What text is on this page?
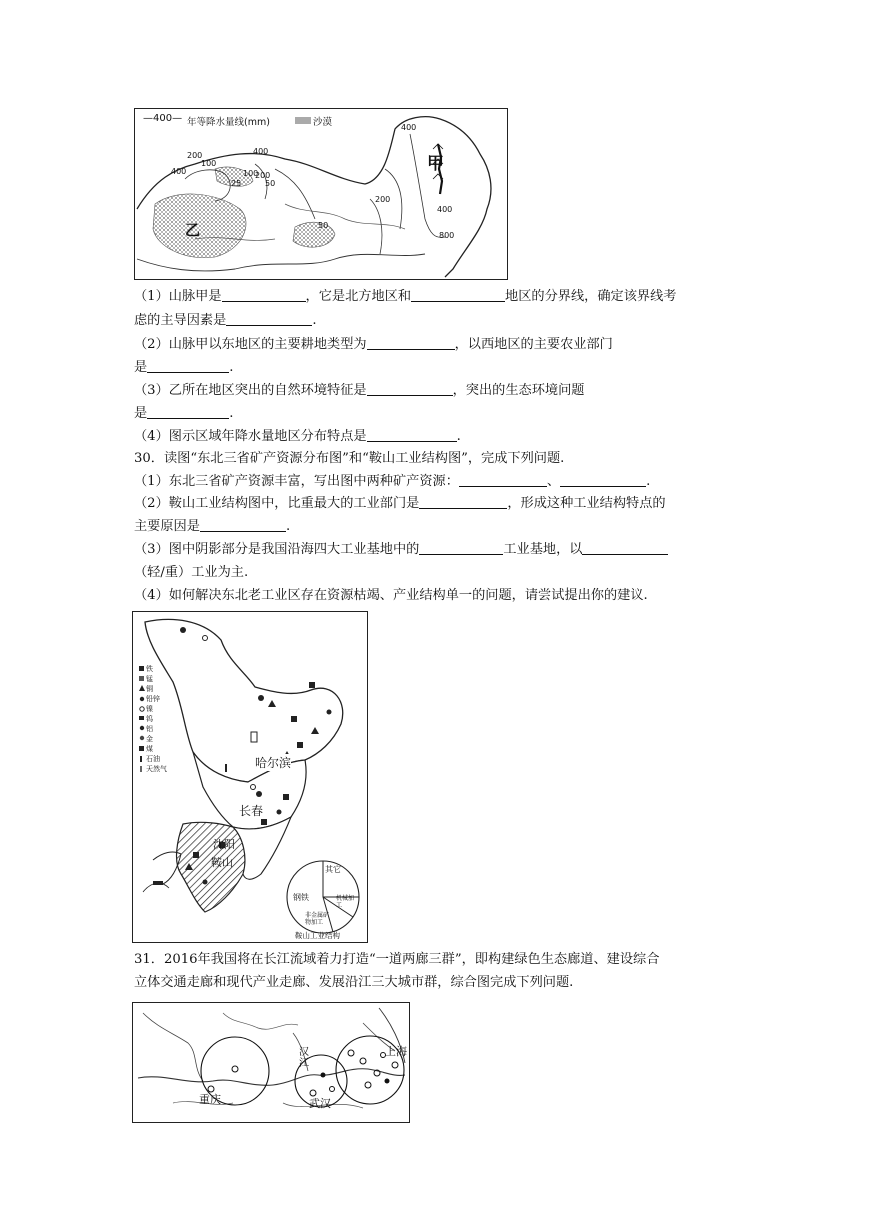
—400— 年等降水量线(mm)	沙漠
甲
乙
400
200
400
100
200
50
25
100
50
200
400
800
400
（1）山脉甲是	，它是北方地区和	地区的分界线，确定该界线考
虑的主导因素是	.
（2）山脉甲以东地区的主要耕地类型为	，以西地区的主要农业部门
是	.
（3）乙所在地区突出的自然环境特征是	，突出的生态环境问题
是	.
（4）图示区域年降水量地区分布特点是	.
30．读图“东北三省矿产资源分布图”和“鞍山工业结构图”，完成下列问题.
（1）东北三省矿产资源丰富，写出图中两种矿产资源：	、	.
（2）鞍山工业结构图中，比重最大的工业部门是	，形成这种工业结构特点的
主要原因是	.
（3）图中阴影部分是我国沿海四大工业基地中的	工业基地，以
（轻/重）工业为主.
（4）如何解决东北老工业区存在资源枯竭、产业结构单一的问题，请尝试提出你的建议.
铁
锰
铜
铅锌
镍
钨
铝
金
煤
石油
天然气	哈尔滨
长春
沈阳
鞍山
其它
钢铁	机械加工
非金属矿物加工
鞍山工业结构
31．2016年我国将在长江流域着力打造“一道两廊三群”，即构建绿色生态廊道、建设综合
立体交通走廊和现代产业走廊、发展沿江三大城市群，综合图完成下列问题.
重庆	武汉
上海
汉江
